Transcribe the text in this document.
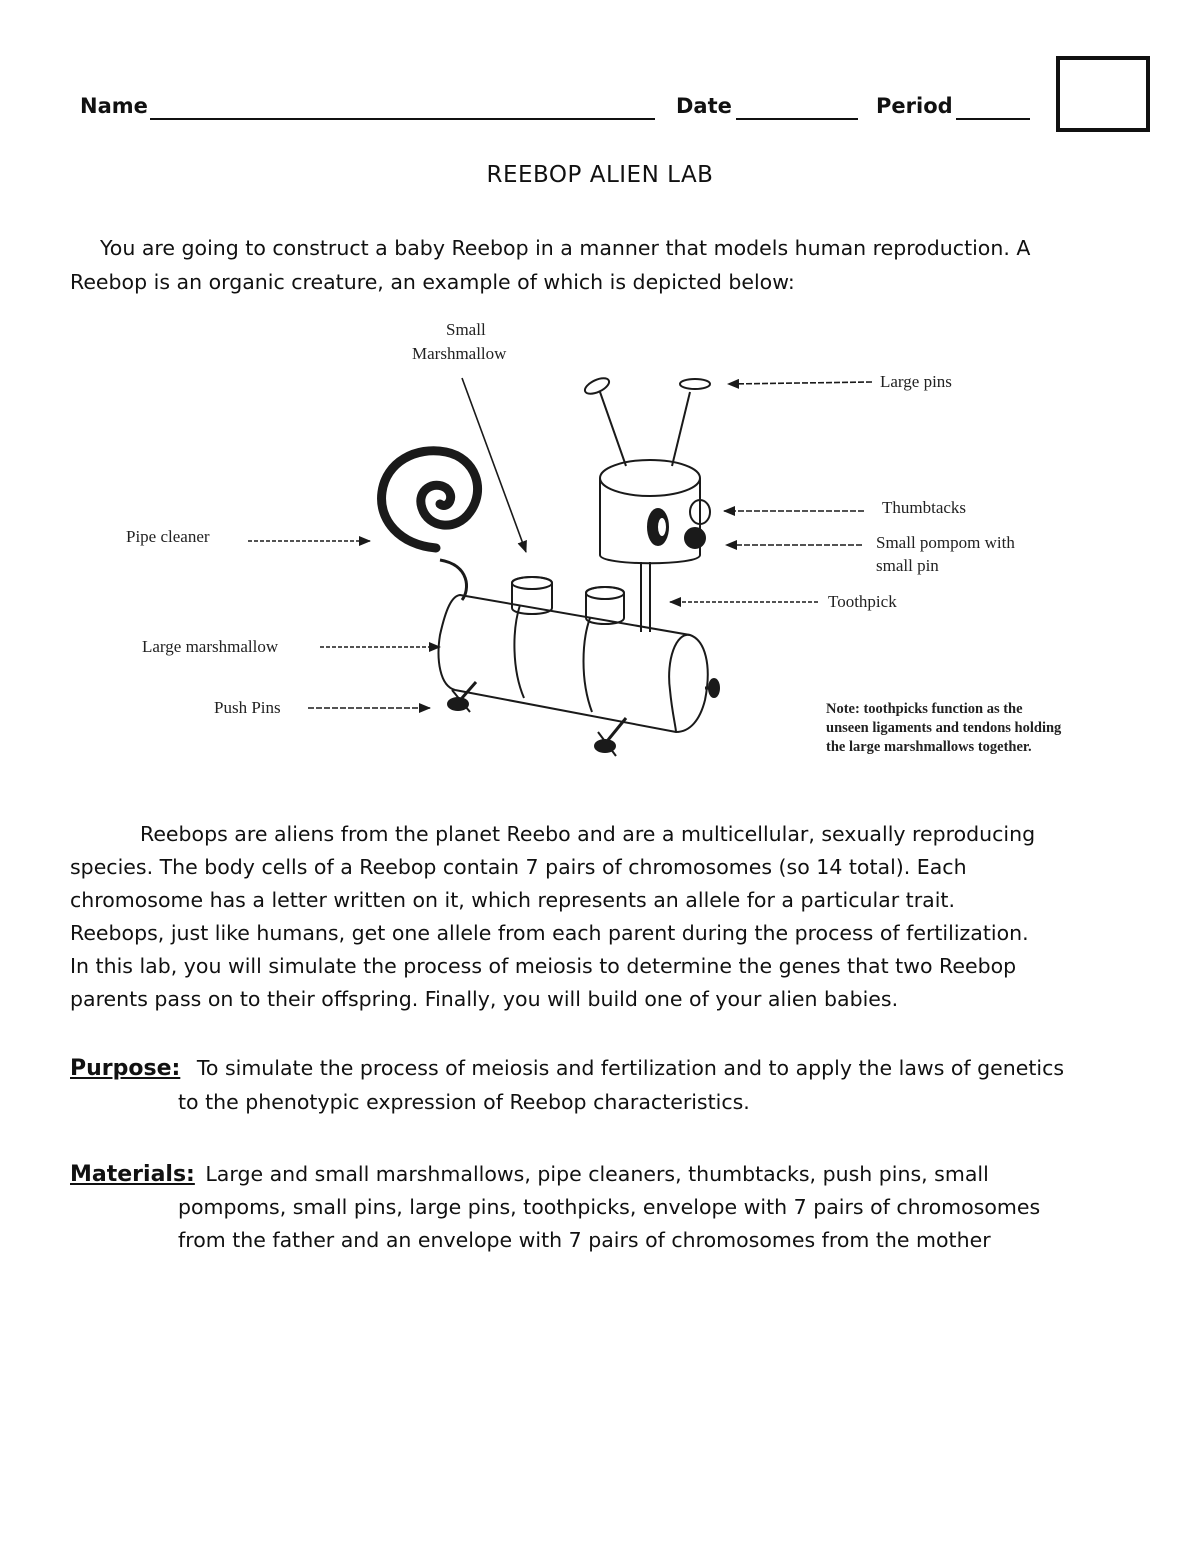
Name	Date	Period
REEBOP ALIEN LAB
You are going to construct a baby Reebop in a manner that models human reproduction. A
Reebop is an organic creature, an example of which is depicted below:
Small
Marshmallow
Large pins
Thumbtacks
Small pompom with
small pin
Toothpick
Pipe cleaner
Large marshmallow
Push Pins	Note: toothpicks function as the
unseen ligaments and tendons holding
the large marshmallows together.
Reebops are aliens from the planet Reebo and are a multicellular, sexually reproducing
species. The body cells of a Reebop contain 7 pairs of chromosomes (so 14 total). Each
chromosome has a letter written on it, which represents an allele for a particular trait.
Reebops, just like humans, get one allele from each parent during the process of fertilization.
In this lab, you will simulate the process of meiosis to determine the genes that two Reebop
parents pass on to their offspring. Finally, you will build one of your alien babies.
Purpose: To simulate the process of meiosis and fertilization and to apply the laws of genetics
to the phenotypic expression of Reebop characteristics.
Materials: Large and small marshmallows, pipe cleaners, thumbtacks, push pins, small
pompoms, small pins, large pins, toothpicks, envelope with 7 pairs of chromosomes
from the father and an envelope with 7 pairs of chromosomes from the mother
